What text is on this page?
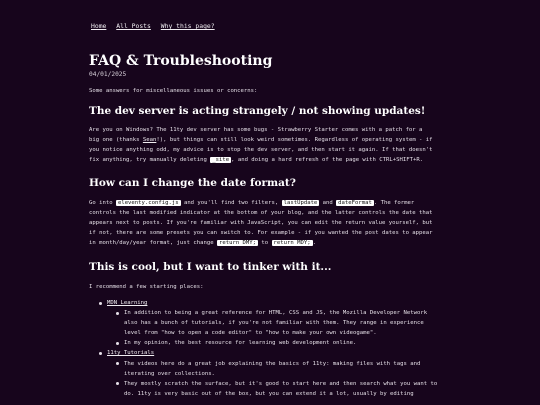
Home All Posts Why this page?
FAQ & Troubleshooting
04/01/2025

Some answers for miscellaneous issues or concerns:

The dev server is acting strangely / not showing updates!

Are you on Windows? The 11ty dev server has some bugs - Strawberry Starter comes with a patch for a

big one (thanks Sean!), but things can still look weird sometimes. Regardless of operating system - if

you notice anything odd, my advice is to stop the dev server, and then start it again. If that doesn't

fix anything, try manually deleting _site , and doing a hard refresh of the page with CTRL+SHIFT+R.

How can I change the date format?

Go into eleventy.config.js and you'll find two filters, lastUpdate and dateFormat . The former

controls the last modified indicator at the bottom of your blog, and the latter controls the date that

appears next to posts. If you're familiar with JavaScript, you can edit the return value yourself, but

if not, there are some presets you can switch to. For example - if you wanted the post dates to appear

in month/day/year format, just change return DMY; to return MDY; .

This is cool, but I want to tinker with it...

I recommend a few starting places:

MDN Learning

In addition to being a great reference for HTML, CSS and JS, the Mozilla Developer Network

also has a bunch of tutorials, if you're not familiar with them. They range in experience

level from "how to open a code editor" to "how to make your own videogame".

In my opinion, the best resource for learning web development online.

11ty Tutorials

The videos here do a great job explaining the basics of 11ty: making files with tags and

iterating over collections.

They mostly scratch the surface, but it's good to start here and then search what you want to

do. 11ty is very basic out of the box, but you can extend it a lot, usually by editing
